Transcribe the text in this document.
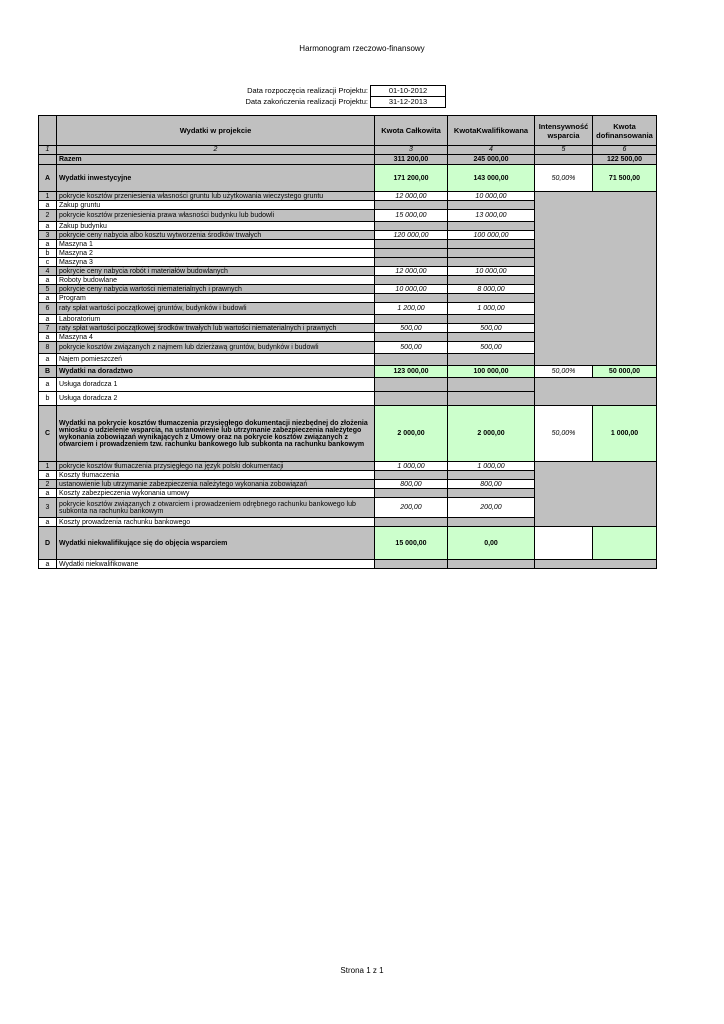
Harmonogram rzeczowo-finansowy
Data rozpoczęcia realizacji Projektu:	01-10-2012
Data zakończenia realizacji Projektu:	31-12-2013
	Wydatki w projekcie	Kwota Całkowita	KwotaKwalifikowana	Intensywność wsparcia	Kwota dofinansowania
1	2	3	4	5	6
	Razem	311 200,00	245 000,00		122 500,00
A	Wydatki inwestycyjne	171 200,00	143 000,00	50,00%	71 500,00
1	pokrycie kosztów przeniesienia własności gruntu lub użytkowania wieczystego gruntu	12 000,00	10 000,00		
a	Zakup gruntu				
2	pokrycie kosztów przeniesienia prawa własności budynku lub budowli	15 000,00	13 000,00		
a	Zakup budynku				
3	pokrycie ceny nabycia albo kosztu wytworzenia środków trwałych	120 000,00	100 000,00		
a	Maszyna 1				
b	Maszyna 2				
c	Maszyna 3				
4	pokrycie ceny nabycia robót i materiałów budowlanych	12 000,00	10 000,00		
a	Roboty budowlane				
5	pokrycie ceny nabycia wartości niematerialnych i prawnych	10 000,00	8 000,00		
a	Program				
6	raty spłat wartości początkowej gruntów, budynków i budowli	1 200,00	1 000,00		
a	Laboratorium				
7	raty spłat wartości początkowej środków trwałych lub wartości niematerialnych i prawnych	500,00	500,00		
a	Maszyna 4				
8	pokrycie kosztów związanych z najmem lub dzierżawą gruntów, budynków i budowli	500,00	500,00		
a	Najem pomieszczeń				
B	Wydatki na doradztwo	123 000,00	100 000,00	50,00%	50 000,00
a	Usługa doradcza 1				
b	Usługa doradcza 2				
C	Wydatki na pokrycie kosztów tłumaczenia przysięgłego dokumentacji niezbędnej do złożenia wniosku o udzielenie wsparcia, na ustanowienie lub utrzymanie zabezpieczenia należytego wykonania zobowiązań wynikających z Umowy oraz na pokrycie kosztów związanych z otwarciem i prowadzeniem tzw. rachunku bankowego lub subkonta na rachunku bankowym	2 000,00	2 000,00	50,00%	1 000,00
1	pokrycie kosztów tłumaczenia przysięgłego na język polski dokumentacji	1 000,00	1 000,00		
a	Koszty tłumaczenia				
2	ustanowienie lub utrzymanie zabezpieczenia należytego wykonania zobowiązań	800,00	800,00		
a	Koszty zabezpieczenia wykonania umowy				
3	pokrycie kosztów związanych z otwarciem i prowadzeniem odrębnego rachunku bankowego lub subkonta na rachunku bankowym	200,00	200,00		
a	Koszty prowadzenia rachunku bankowego				
D	Wydatki niekwalifikujące się do objęcia wsparciem	15 000,00	0,00		
a	Wydatki niekwalifikowane				
Strona 1 z 1
